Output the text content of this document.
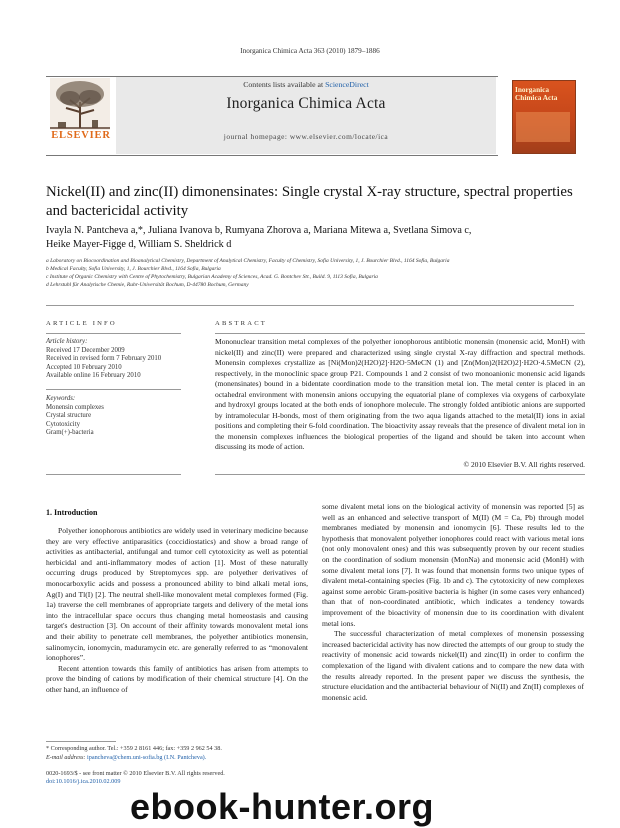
Inorganica Chimica Acta 363 (2010) 1879–1886
ELSEVIER
Contents lists available at ScienceDirect
Inorganica Chimica Acta
journal homepage: www.elsevier.com/locate/ica
Inorganica Chimica Acta
Nickel(II) and zinc(II) dimonensinates: Single crystal X-ray structure, spectral properties and bactericidal activity
Ivayla N. Pantcheva a,*, Juliana Ivanova b, Rumyana Zhorova a, Mariana Mitewa a, Svetlana Simova c,
Heike Mayer-Figge d, William S. Sheldrick d
a Laboratory on Biocoordination and Bioanalytical Chemistry, Department of Analytical Chemistry, Faculty of Chemistry, Sofia University, 1, J. Bourchier Blvd., 1164 Sofia, Bulgaria
b Medical Faculty, Sofia University, 1, J. Bourchier Blvd., 1164 Sofia, Bulgaria
c Institute of Organic Chemistry with Centre of Phytochemistry, Bulgarian Academy of Sciences, Acad. G. Bontchev Str., Build. 9, 1113 Sofia, Bulgaria
d Lehrstuhl für Analytische Chemie, Ruhr-Universität Bochum, D-44780 Bochum, Germany
ARTICLE INFO
Article history:
Received 17 December 2009
Received in revised form 7 February 2010
Accepted 10 February 2010
Available online 16 February 2010
Keywords:
Monensin complexes
Crystal structure
Cytotoxicity
Gram(+)-bacteria
ABSTRACT
Mononuclear transition metal complexes of the polyether ionophorous antibiotic monensin (monensic acid, MonH) with nickel(II) and zinc(II) were prepared and characterized using single crystal X-ray diffraction and spectral methods. Monensin complexes crystallize as [Ni(Mon)2(H2O)2]·H2O·5MeCN (1) and [Zn(Mon)2(H2O)2]·H2O·4.5MeCN (2), respectively, in the monoclinic space group P21. Compounds 1 and 2 consist of two monoanionic monensic acid ligands (monensinates) bound in a bidentate coordination mode to the transition metal ion. The metal center is placed in an octahedral environment with monensin anions occupying the equatorial plane of complexes via oxygens of carboxylate and hydroxyl groups located at the both ends of ionophore molecule. The strongly folded antibiotic anions are supported by intramolecular H-bonds, most of them originating from the two aqua ligands attached to the metal(II) ions in axial positions and completing their 6-fold coordination. The bioactivity assay reveals that the presence of divalent metal ion in the monensin complexes influences the biological properties of the ligand and should be taken into account when discussing its mode of action.
© 2010 Elsevier B.V. All rights reserved.
1. Introduction

Polyether ionophorous antibiotics are widely used in veterinary medicine because they are very effective antiparasitics (coccidiostatics) and show a broad range of activities as antibacterial, antifungal and tumor cell cytotoxicity as well as potential herbicidal and anti-inflammatory modes of action [1]. Most of these naturally occurring drugs produced by Streptomyces spp. are polyether derivatives of monocarboxylic acids and possess a pronounced ability to bind alkali metal ions, Ag(I) and Tl(I) [2]. The neutral shell-like monovalent metal complexes formed (Fig. 1a) traverse the cell membranes of appropriate targets and delivery of the metal ions into the intracellular space occurs thus changing metal homeostasis and causing target's destruction [3]. On account of their affinity towards monovalent metal ions and their ability to penetrate cell membranes, the polyether antibiotics monensin, salinomycin, ionomycin, maduramycin etc. are generally referred to as “monovalent ionophores”.

Recent attention towards this family of antibiotics has arisen from attempts to prove the binding of cations by modification of their chemical structure [4]. On the other hand, an influence of

some divalent metal ions on the biological activity of monensin was reported [5] as well as an enhanced and selective transport of M(II) (M = Ca, Pb) through model membranes mediated by monensin and ionomycin [6]. These results led to the hypothesis that monovalent polyether ionophores could react with various metal ions (not only monovalent ones) and this was subsequently proven by our recent studies on the coordination of sodium monensin (MonNa) and monensic acid (MonH) with some divalent metal ions [7]. It was found that monensin forms two unique types of divalent metal-containing species (Fig. 1b and c). The cytotoxicity of new complexes against some aerobic Gram-positive bacteria is higher (in some cases very enhanced) than that of non-coordinated antibiotic, which indicates a tendency towards improvement of the bioactivity of monensin due to its coordination with divalent metal ions.

The successful characterization of metal complexes of monensin possessing increased bactericidal activity has now directed the attempts of our group to study the reactivity of monensic acid towards nickel(II) and zinc(II) in order to confirm the complexation of the ligand with divalent cations and to compare the new data with the results already reported. In the present paper we discuss the synthesis, the structure elucidation and the antibacterial behaviour of Ni(II) and Zn(II) complexes of monensic acid.

* Corresponding author. Tel.: +359 2 8161 446; fax: +359 2 962 54 38.
E-mail address: ipancheva@chem.uni-sofia.bg (I.N. Pantcheva).
0020-1693/$ - see front matter © 2010 Elsevier B.V. All rights reserved.
doi:10.1016/j.ica.2010.02.009
ebook-hunter.org
